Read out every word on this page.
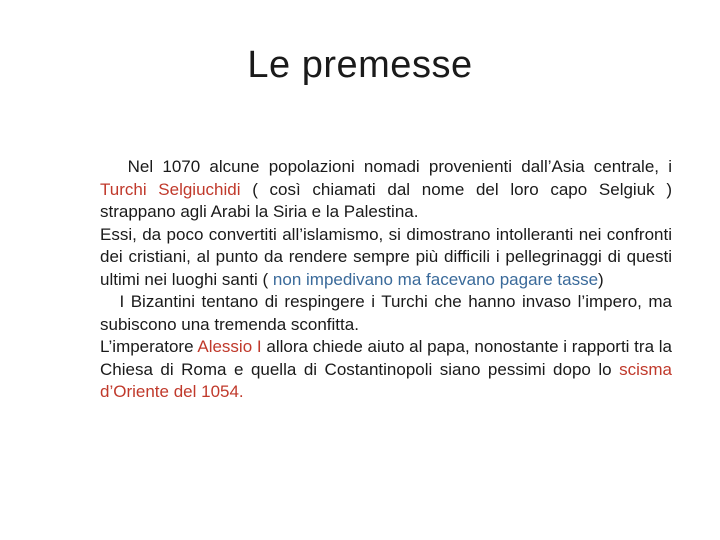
Le premesse

Nel 1070 alcune popolazioni nomadi provenienti dall’Asia centrale, i Turchi Selgiuchidi ( così chiamati dal nome del loro capo Selgiuk ) strappano agli Arabi la Siria e la Palestina.

Essi, da poco convertiti all’islamismo, si dimostrano intolleranti nei confronti dei cristiani, al punto da rendere sempre più difficili i pellegrinaggi di questi ultimi nei luoghi santi ( non impedivano ma facevano pagare tasse)

I Bizantini tentano di respingere i Turchi che hanno invaso l’impero, ma subiscono una tremenda sconfitta.

L’imperatore Alessio I allora chiede aiuto al papa, nonostante i rapporti tra la Chiesa di Roma e quella di Costantinopoli siano pessimi dopo lo scisma d’Oriente del 1054.
